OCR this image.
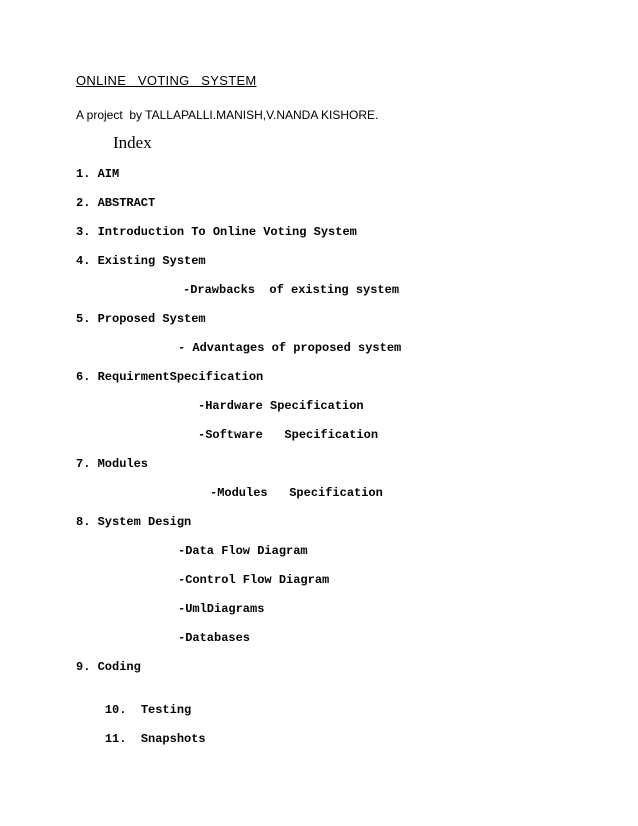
ONLINE   VOTING   SYSTEM
A project  by TALLAPALLI.MANISH,V.NANDA KISHORE.
Index
1. AIM
2. ABSTRACT
3. Introduction To Online Voting System
4. Existing System
-Drawbacks  of existing system
5. Proposed System
- Advantages of proposed system
6. RequirmentSpecification
-Hardware Specification
-Software   Specification
7. Modules
-Modules   Specification
8. System Design
-Data Flow Diagram
-Control Flow Diagram
-UmlDiagrams
-Databases
9. Coding

10. Testing

11. Snapshots
